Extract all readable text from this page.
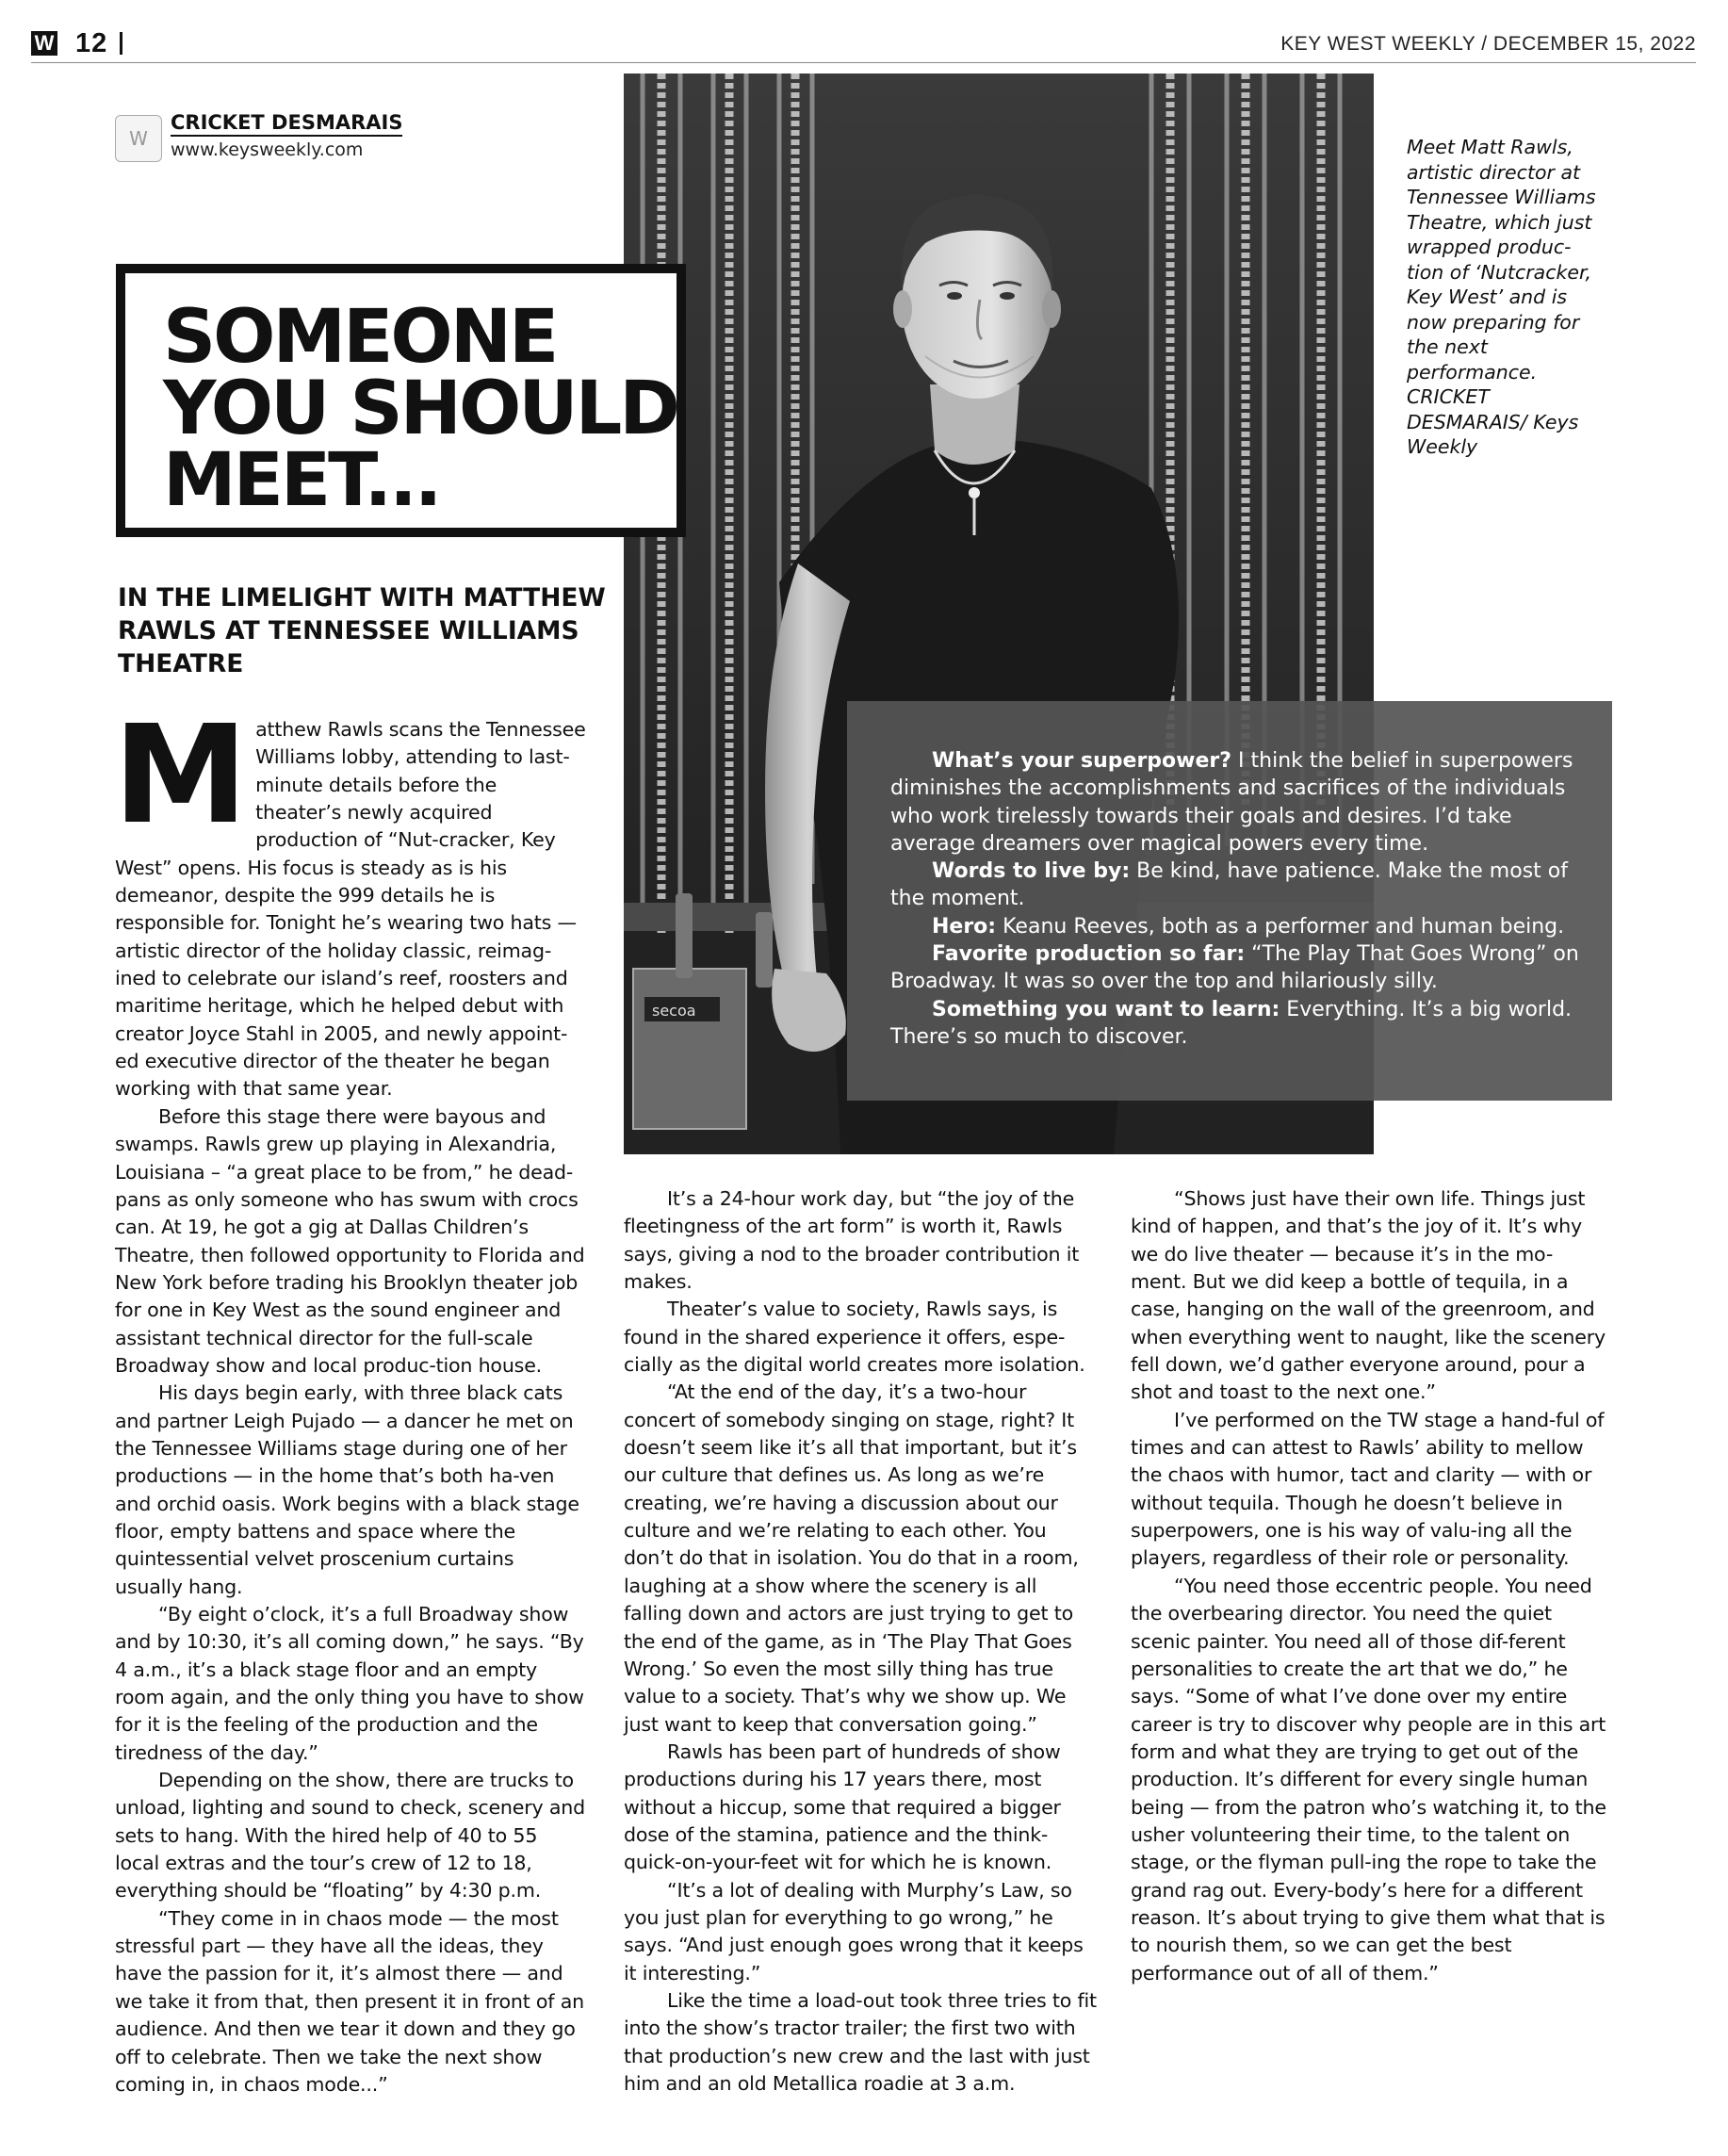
W 12	KEY WEST WEEKLY / DECEMBER 15, 2022
W
CRICKET DESMARAIS
www.keysweekly.com
secoa
SOMEONE
YOU SHOULD
MEET...
Meet Matt Rawls, artistic director at Tennessee Williams Theatre, which just wrapped produc-tion of ‘Nutcracker, Key West’ and is now preparing for the next performance. CRICKET DESMARAIS/ Keys Weekly
IN THE LIMELIGHT WITH MATTHEW RAWLS AT TENNESSEE WILLIAMS THEATRE

What’s your superpower? I think the belief in superpowers diminishes the accomplishments and sacrifices of the individuals who work tirelessly towards their goals and desires. I’d take average dreamers over magical powers every time.

Words to live by: Be kind, have patience. Make the most of the moment.

Hero: Keanu Reeves, both as a performer and human being.

Favorite production so far: “The Play That Goes Wrong” on Broadway. It was so over the top and hilariously silly.

Something you want to learn: Everything. It’s a big world. There’s so much to discover.

Matthew Rawls scans the Tennessee Williams lobby, attending to last-minute details before the theater’s newly acquired production of “Nut-cracker, Key West” opens. His focus is steady as is his demeanor, despite the 999 details he is responsible for. Tonight he’s wearing two hats — artistic director of the holiday classic, reimag-ined to celebrate our island’s reef, roosters and maritime heritage, which he helped debut with creator Joyce Stahl in 2005, and newly appoint-ed executive director of the theater he began working with that same year.

Before this stage there were bayous and swamps. Rawls grew up playing in Alexandria, Louisiana – “a great place to be from,” he dead-pans as only someone who has swum with crocs can. At 19, he got a gig at Dallas Children’s Theatre, then followed opportunity to Florida and New York before trading his Brooklyn theater job for one in Key West as the sound engineer and assistant technical director for the full-scale Broadway show and local produc-tion house.

His days begin early, with three black cats and partner Leigh Pujado — a dancer he met on the Tennessee Williams stage during one of her productions — in the home that’s both ha-ven and orchid oasis. Work begins with a black stage floor, empty battens and space where the quintessential velvet proscenium curtains usually hang.

“By eight o’clock, it’s a full Broadway show and by 10:30, it’s all coming down,” he says. “By 4 a.m., it’s a black stage floor and an empty room again, and the only thing you have to show for it is the feeling of the production and the tiredness of the day.”

Depending on the show, there are trucks to unload, lighting and sound to check, scenery and sets to hang. With the hired help of 40 to 55 local extras and the tour’s crew of 12 to 18, everything should be “floating” by 4:30 p.m.

“They come in in chaos mode — the most stressful part — they have all the ideas, they have the passion for it, it’s almost there — and we take it from that, then present it in front of an audience. And then we tear it down and they go off to celebrate. Then we take the next show coming in, in chaos mode...”

It’s a 24-hour work day, but “the joy of the fleetingness of the art form” is worth it, Rawls says, giving a nod to the broader contribution it makes.

Theater’s value to society, Rawls says, is found in the shared experience it offers, espe-cially as the digital world creates more isolation.

“At the end of the day, it’s a two-hour concert of somebody singing on stage, right? It doesn’t seem like it’s all that important, but it’s our culture that defines us. As long as we’re creating, we’re having a discussion about our culture and we’re relating to each other. You don’t do that in isolation. You do that in a room, laughing at a show where the scenery is all falling down and actors are just trying to get to the end of the game, as in ‘The Play That Goes Wrong.’ So even the most silly thing has true value to a society. That’s why we show up. We just want to keep that conversation going.”

Rawls has been part of hundreds of show productions during his 17 years there, most without a hiccup, some that required a bigger dose of the stamina, patience and the think-quick-on-your-feet wit for which he is known.

“It’s a lot of dealing with Murphy’s Law, so you just plan for everything to go wrong,” he says. “And just enough goes wrong that it keeps it interesting.”

Like the time a load-out took three tries to fit into the show’s tractor trailer; the first two with that production’s new crew and the last with just him and an old Metallica roadie at 3 a.m.

“Shows just have their own life. Things just kind of happen, and that’s the joy of it. It’s why we do live theater — because it’s in the mo-ment. But we did keep a bottle of tequila, in a case, hanging on the wall of the greenroom, and when everything went to naught, like the scenery fell down, we’d gather everyone around, pour a shot and toast to the next one.”

I’ve performed on the TW stage a hand-ful of times and can attest to Rawls’ ability to mellow the chaos with humor, tact and clarity — with or without tequila. Though he doesn’t believe in superpowers, one is his way of valu-ing all the players, regardless of their role or personality.

“You need those eccentric people. You need the overbearing director. You need the quiet scenic painter. You need all of those dif-ferent personalities to create the art that we do,” he says. “Some of what I’ve done over my entire career is try to discover why people are in this art form and what they are trying to get out of the production. It’s different for every single human being — from the patron who’s watching it, to the usher volunteering their time, to the talent on stage, or the flyman pull-ing the rope to take the grand rag out. Every-body’s here for a different reason. It’s about trying to give them what that is to nourish them, so we can get the best performance out of all of them.”
